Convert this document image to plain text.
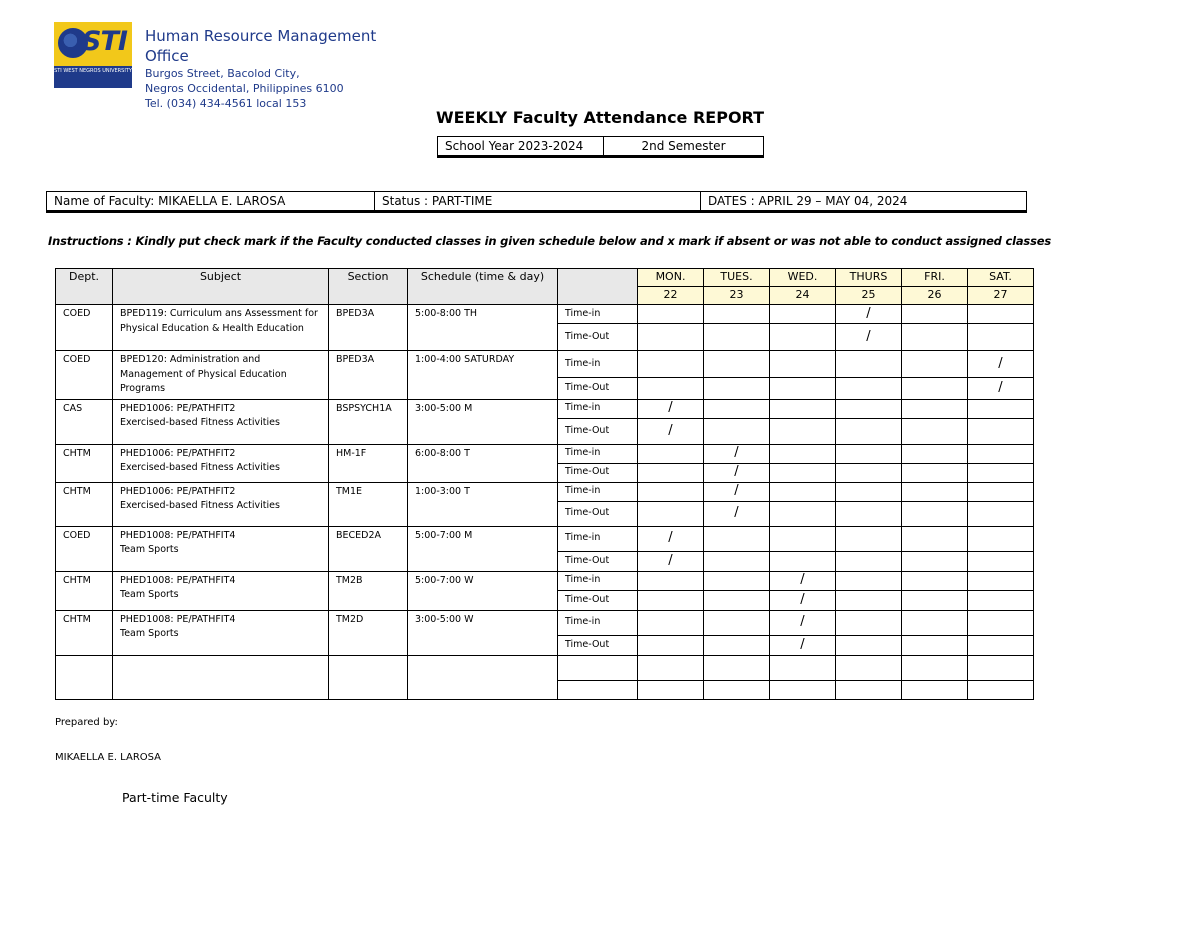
STI
STI WEST NEGROS UNIVERSITY
Human Resource Management Office
Burgos Street, Bacolod City,
Negros Occidental, Philippines 6100
Tel. (034) 434-4561 local 153
WEEKLY Faculty Attendance REPORT
School Year 2023-2024	2nd Semester
Name of Faculty: MIKAELLA E. LAROSA	Status : PART-TIME	DATES : APRIL 29 – MAY 04, 2024
Instructions : Kindly put check mark if the Faculty conducted classes in given schedule below and x mark if absent or was not able to conduct assigned classes
Dept.	Subject	Section	Schedule (time & day)		MON.	TUES.	WED.	THURS	FRI.	SAT.
					22	23	24	25	26	27
COED	BPED119: Curriculum ans Assessment for Physical Education & Health Education	BPED3A	5:00-8:00 TH	Time-in				/		
				Time-Out				/		
COED	BPED120: Administration and Management of Physical Education Programs	BPED3A	1:00-4:00 SATURDAY	Time-in						/
				Time-Out						/
CAS	PHED1006: PE/PATHFIT2
Exercised-based Fitness Activities	BSPSYCH1A	3:00-5:00 M	Time-in	/					
				Time-Out	/					
CHTM	PHED1006: PE/PATHFIT2
Exercised-based Fitness Activities	HM-1F	6:00-8:00 T	Time-in		/				
				Time-Out		/				
CHTM	PHED1006: PE/PATHFIT2
Exercised-based Fitness Activities	TM1E	1:00-3:00 T	Time-in		/				
				Time-Out		/				
COED	PHED1008: PE/PATHFIT4
Team Sports	BECED2A	5:00-7:00 M	Time-in	/					
				Time-Out	/					
CHTM	PHED1008: PE/PATHFIT4
Team Sports	TM2B	5:00-7:00 W	Time-in			/			
				Time-Out			/			
CHTM	PHED1008: PE/PATHFIT4
Team Sports	TM2D	3:00-5:00 W	Time-in			/			
				Time-Out			/			

Prepared by:
MIKAELLA E. LAROSA
Part-time Faculty
